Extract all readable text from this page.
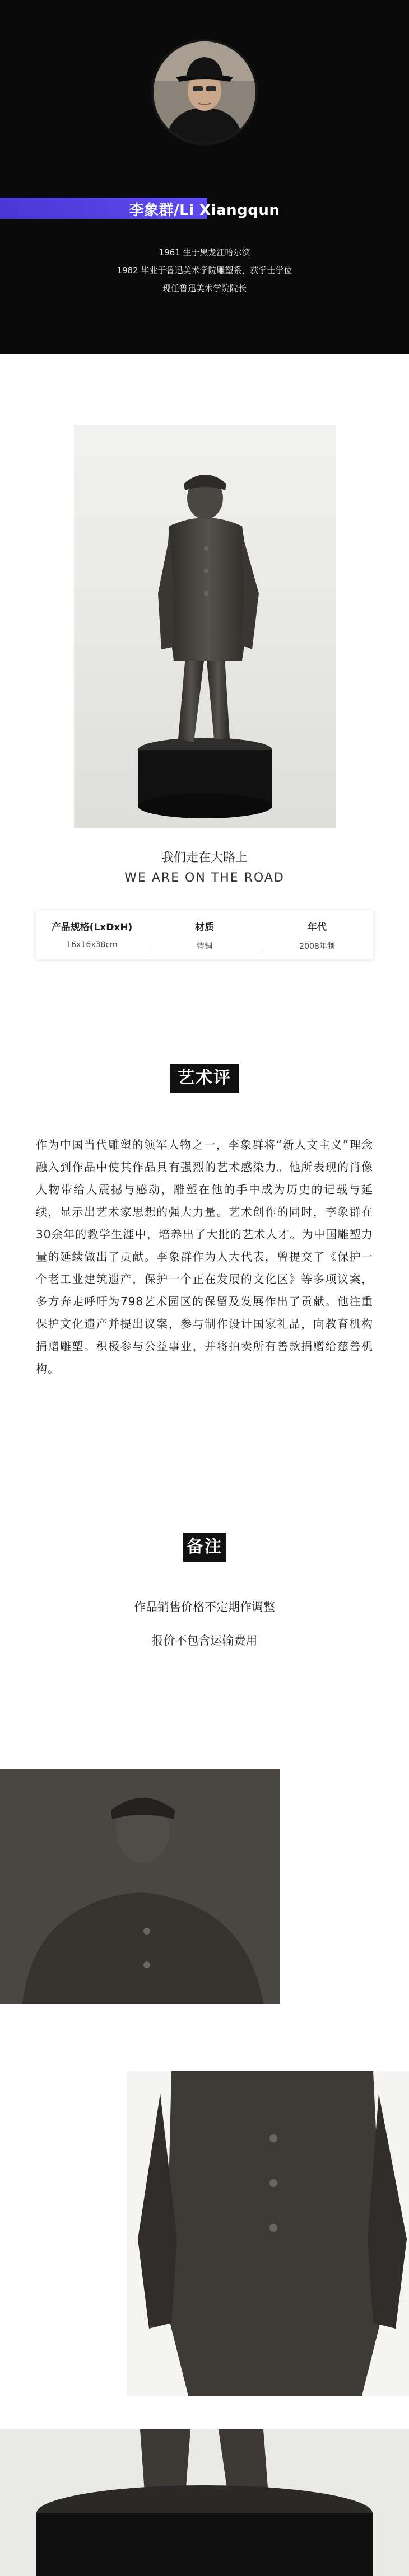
李象群/Li Xiangqun
1961 生于黑龙江哈尔滨
1982 毕业于鲁迅美术学院雕塑系，获学士学位
现任鲁迅美术学院院长
我们走在大路上
WE ARE ON THE ROAD
产品规格(LxDxH)
16x16x38cm
材质
铸铜
年代
2008年制
艺术评价
作为中国当代雕塑的领军人物之一，李象群将“新人文主义”理念融入到作品中使其作品具有强烈的艺术感染力。他所表现的肖像人物带给人震撼与感动，雕塑在他的手中成为历史的记载与延续，显示出艺术家思想的强大力量。艺术创作的同时，李象群在30余年的教学生涯中，培养出了大批的艺术人才。为中国雕塑力量的延续做出了贡献。李象群作为人大代表，曾提交了《保护一个老工业建筑遗产，保护一个正在发展的文化区》等多项议案，多方奔走呼吁为798艺术园区的保留及发展作出了贡献。他注重保护文化遗产并提出议案，参与制作设计国家礼品，向教育机构捐赠雕塑。积极参与公益事业，并将拍卖所有善款捐赠给慈善机构。
备注
作品销售价格不定期作调整
报价不包含运输费用
